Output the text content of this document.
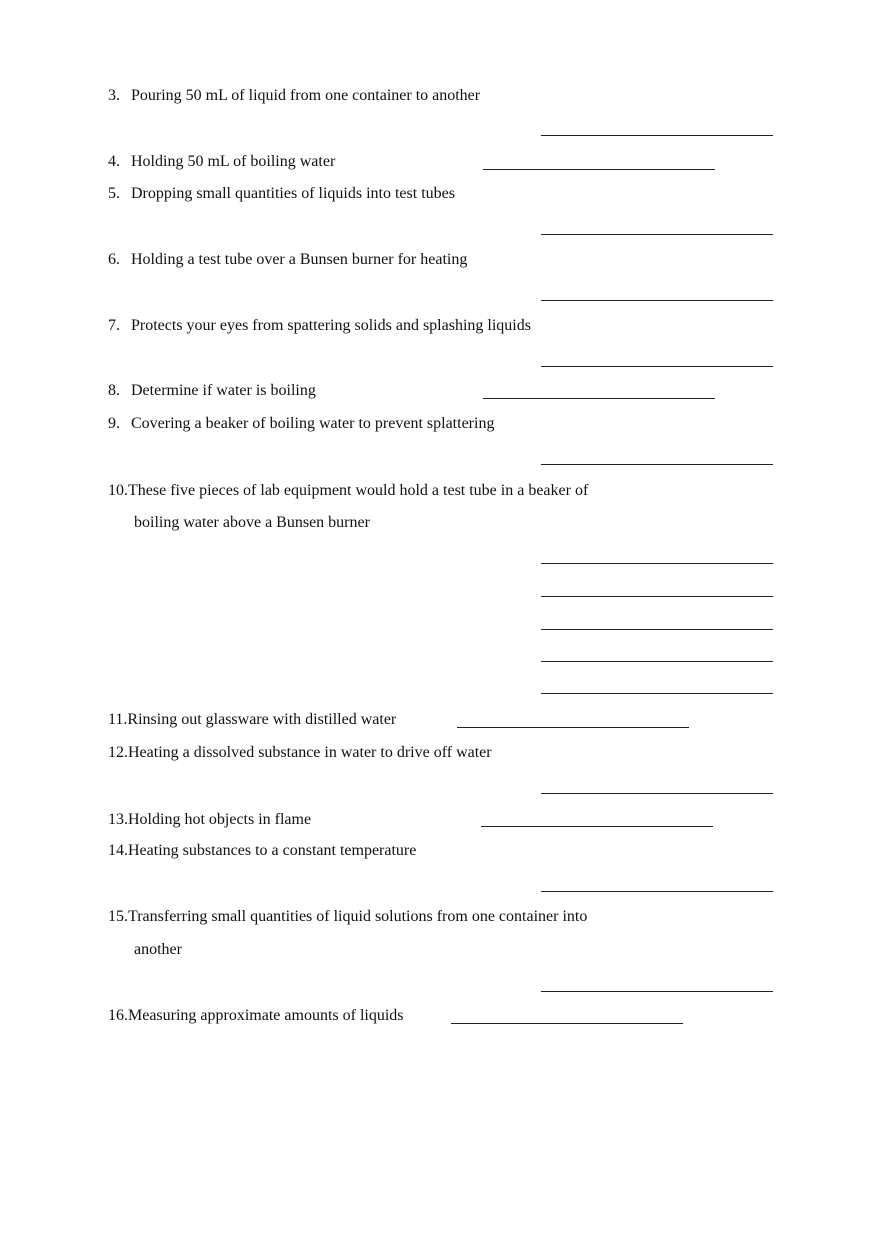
3. Pouring 50 mL of liquid from one container to another
4. Holding 50 mL of boiling water
5. Dropping small quantities of liquids into test tubes
6. Holding a test tube over a Bunsen burner for heating
7. Protects your eyes from spattering solids and splashing liquids
8. Determine if water is boiling
9. Covering a beaker of boiling water to prevent splattering
10.These five pieces of lab equipment would hold a test tube in a beaker of
boiling water above a Bunsen burner
11.Rinsing out glassware with distilled water
12.Heating a dissolved substance in water to drive off water
13.Holding hot objects in flame
14.Heating substances to a constant temperature
15.Transferring small quantities of liquid solutions from one container into
another
16.Measuring approximate amounts of liquids
